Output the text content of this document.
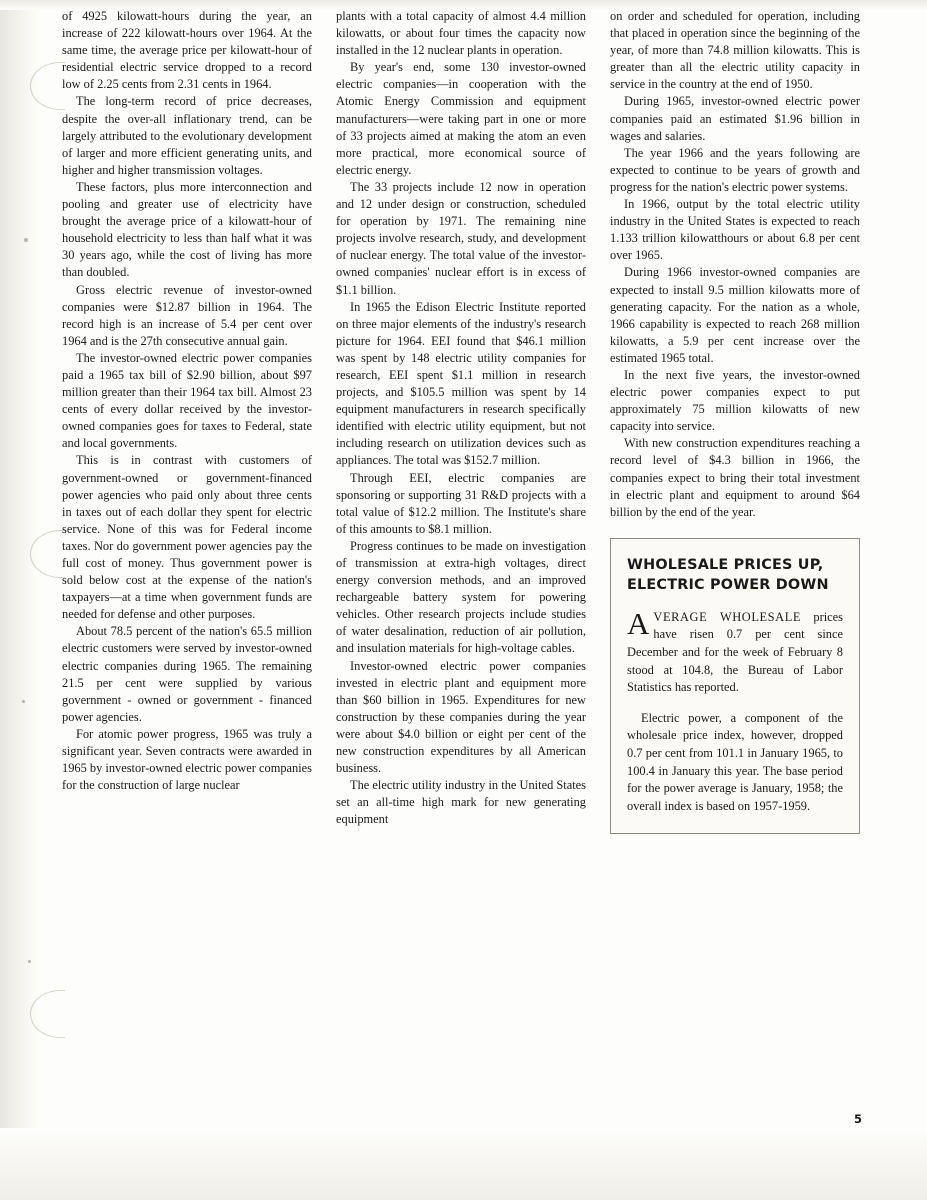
of 4925 kilowatt-hours during the year, an increase of 222 kilowatt-hours over 1964. At the same time, the average price per kilowatt-hour of residential electric service dropped to a record low of 2.25 cents from 2.31 cents in 1964.

The long-term record of price decreases, despite the over-all inflationary trend, can be largely attributed to the evolutionary development of larger and more efficient generating units, and higher and higher transmission voltages.

These factors, plus more interconnection and pooling and greater use of electricity have brought the average price of a kilowatt-hour of household electricity to less than half what it was 30 years ago, while the cost of living has more than doubled.

Gross electric revenue of investor-owned companies were $12.87 billion in 1964. The record high is an increase of 5.4 per cent over 1964 and is the 27th consecutive annual gain.

The investor-owned electric power companies paid a 1965 tax bill of $2.90 billion, about $97 million greater than their 1964 tax bill. Almost 23 cents of every dollar received by the investor-owned companies goes for taxes to Federal, state and local governments.

This is in contrast with customers of government-owned or government-financed power agencies who paid only about three cents in taxes out of each dollar they spent for electric service. None of this was for Federal income taxes. Nor do government power agencies pay the full cost of money. Thus government power is sold below cost at the expense of the nation's taxpayers—at a time when government funds are needed for defense and other purposes.

About 78.5 percent of the nation's 65.5 million electric customers were served by investor-owned electric companies during 1965. The remaining 21.5 per cent were supplied by various government - owned or government - financed power agencies.

For atomic power progress, 1965 was truly a significant year. Seven contracts were awarded in 1965 by investor-owned electric power companies for the construction of large nuclear

plants with a total capacity of almost 4.4 million kilowatts, or about four times the capacity now installed in the 12 nuclear plants in operation.

By year's end, some 130 investor-owned electric companies—in cooperation with the Atomic Energy Commission and equipment manufacturers—were taking part in one or more of 33 projects aimed at making the atom an even more practical, more economical source of electric energy.

The 33 projects include 12 now in operation and 12 under design or construction, scheduled for operation by 1971. The remaining nine projects involve research, study, and development of nuclear energy. The total value of the investor-owned companies' nuclear effort is in excess of $1.1 billion.

In 1965 the Edison Electric Institute reported on three major elements of the industry's research picture for 1964. EEI found that $46.1 million was spent by 148 electric utility companies for research, EEI spent $1.1 million in research projects, and $105.5 million was spent by 14 equipment manufacturers in research specifically identified with electric utility equipment, but not including research on utilization devices such as appliances. The total was $152.7 million.

Through EEI, electric companies are sponsoring or supporting 31 R&D projects with a total value of $12.2 million. The Institute's share of this amounts to $8.1 million.

Progress continues to be made on investigation of transmission at extra-high voltages, direct energy conversion methods, and an improved rechargeable battery system for powering vehicles. Other research projects include studies of water desalination, reduction of air pollution, and insulation materials for high-voltage cables.

Investor-owned electric power companies invested in electric plant and equipment more than $60 billion in 1965. Expenditures for new construction by these companies during the year were about $4.0 billion or eight per cent of the new construction expenditures by all American business.

The electric utility industry in the United States set an all-time high mark for new generating equipment

on order and scheduled for operation, including that placed in operation since the beginning of the year, of more than 74.8 million kilowatts. This is greater than all the electric utility capacity in service in the country at the end of 1950.

During 1965, investor-owned electric power companies paid an estimated $1.96 billion in wages and salaries.

The year 1966 and the years following are expected to continue to be years of growth and progress for the nation's electric power systems.

In 1966, output by the total electric utility industry in the United States is expected to reach 1.133 trillion kilowatthours or about 6.8 per cent over 1965.

During 1966 investor-owned companies are expected to install 9.5 million kilowatts more of generating capacity. For the nation as a whole, 1966 capability is expected to reach 268 million kilowatts, a 5.9 per cent increase over the estimated 1965 total.

In the next five years, the investor-owned electric power companies expect to put approximately 75 million kilowatts of new capacity into service.

With new construction expenditures reaching a record level of $4.3 billion in 1966, the companies expect to bring their total investment in electric plant and equipment to around $64 billion by the end of the year.

WHOLESALE PRICES UP, ELECTRIC POWER DOWN

AVERAGE WHOLESALE prices have risen 0.7 per cent since December and for the week of February 8 stood at 104.8, the Bureau of Labor Statistics has reported.

Electric power, a component of the wholesale price index, however, dropped 0.7 per cent from 101.1 in January 1965, to 100.4 in January this year. The base period for the power average is January, 1958; the overall index is based on 1957-1959.

5
